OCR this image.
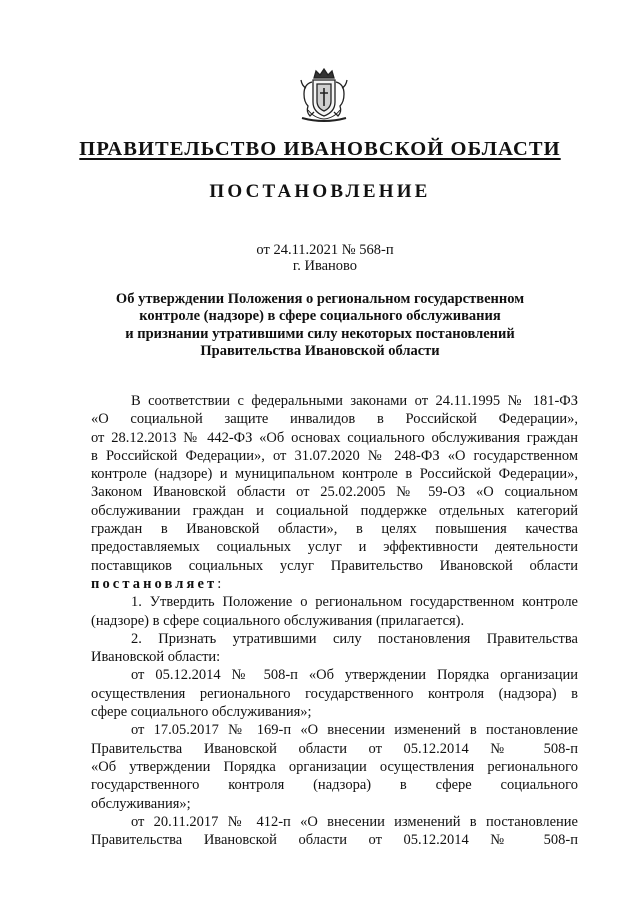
ПРАВИТЕЛЬСТВО ИВАНОВСКОЙ ОБЛАСТИ
ПОСТАНОВЛЕНИЕ
от 24.11.2021 № 568-п
г. Иваново
Об утверждении Положения о региональном государственном
контроле (надзоре) в сфере социального обслуживания
и признании утратившими силу некоторых постановлений
Правительства Ивановской области

В соответствии с федеральными законами от 24.11.1995 № 181-ФЗ

«О социальной защите инвалидов в Российской Федерации»,

от 28.12.2013 № 442-ФЗ «Об основах социального обслуживания граждан

в Российской Федерации», от 31.07.2020 № 248-ФЗ «О государственном

контроле (надзоре) и муниципальном контроле в Российской Федерации»,

Законом Ивановской области от 25.02.2005 № 59-ОЗ «О социальном

обслуживании граждан и социальной поддержке отдельных категорий

граждан в Ивановской области», в целях повышения качества

предоставляемых социальных услуг и эффективности деятельности

поставщиков социальных услуг Правительство Ивановской области

постановляет:

1. Утвердить Положение о региональном государственном контроле

(надзоре) в сфере социального обслуживания (прилагается).

2. Признать утратившими силу постановления Правительства

Ивановской области:

от 05.12.2014 № 508-п «Об утверждении Порядка организации

осуществления регионального государственного контроля (надзора) в

сфере социального обслуживания»;

от 17.05.2017 № 169-п «О внесении изменений в постановление

Правительства Ивановской области от 05.12.2014 № 508-п

«Об утверждении Порядка организации осуществления регионального

государственного контроля (надзора) в сфере социального

обслуживания»;

от 20.11.2017 № 412-п «О внесении изменений в постановление

Правительства Ивановской области от 05.12.2014 № 508-п
